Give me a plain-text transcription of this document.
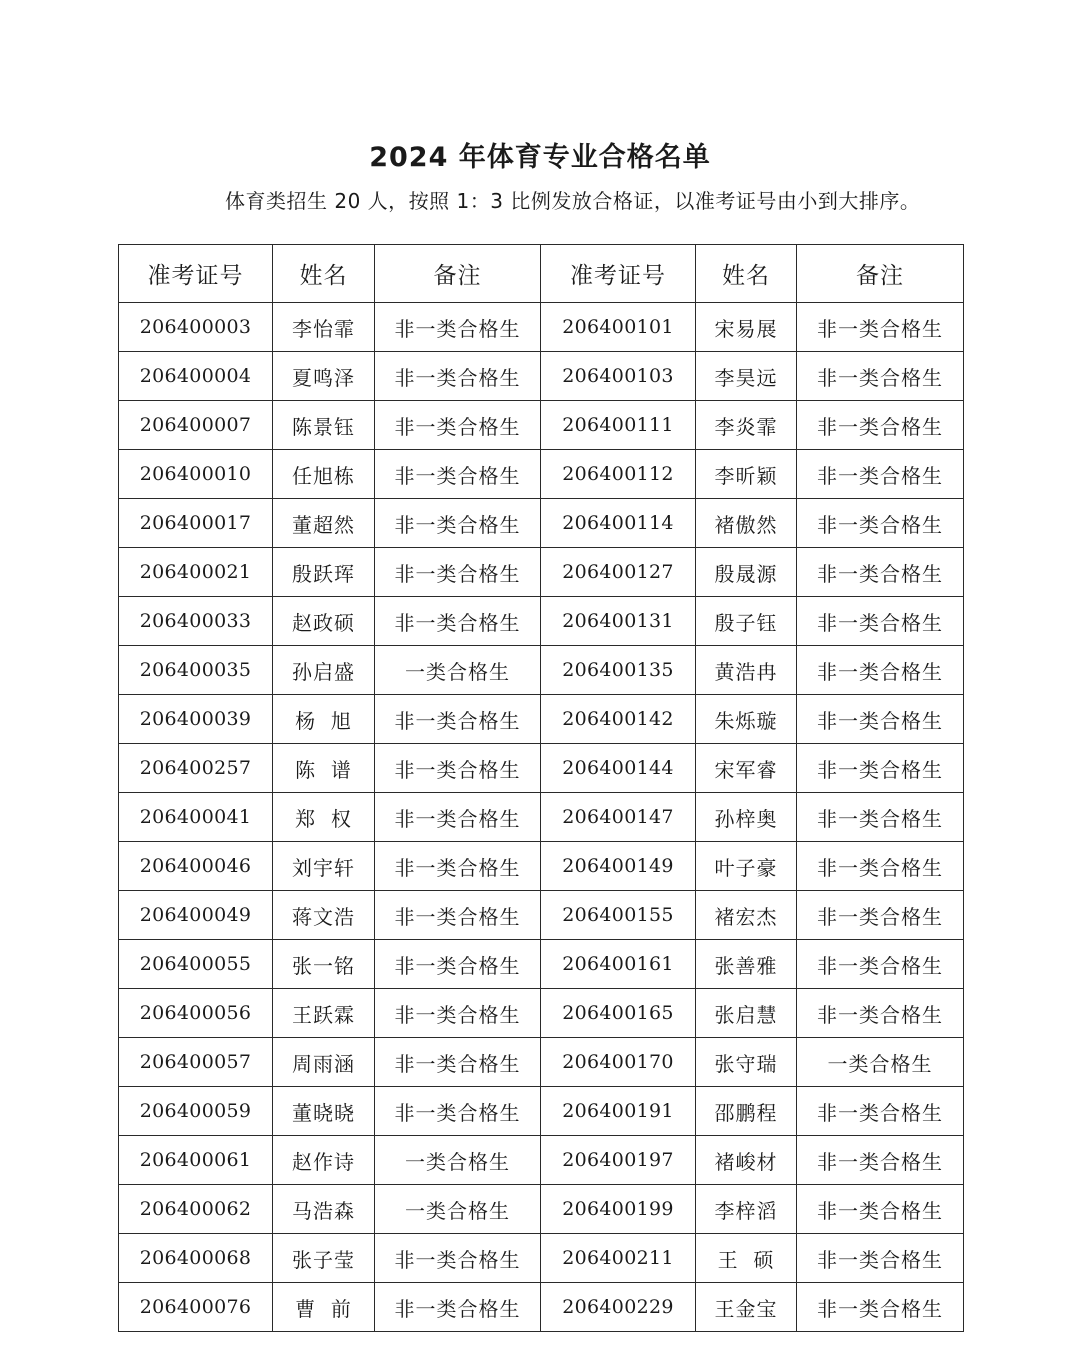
2024 年体育专业合格名单
体育类招生 20 人，按照 1：3 比例发放合格证，以准考证号由小到大排序。
准考证号	姓名	备注	准考证号	姓名	备注
206400003	李怡霏	非一类合格生	206400101	宋易展	非一类合格生
206400004	夏鸣泽	非一类合格生	206400103	李昊远	非一类合格生
206400007	陈景钰	非一类合格生	206400111	李炎霏	非一类合格生
206400010	任旭栋	非一类合格生	206400112	李昕颖	非一类合格生
206400017	董超然	非一类合格生	206400114	褚傲然	非一类合格生
206400021	殷跃珲	非一类合格生	206400127	殷晟源	非一类合格生
206400033	赵政硕	非一类合格生	206400131	殷子钰	非一类合格生
206400035	孙启盛	一类合格生	206400135	黄浩冉	非一类合格生
206400039	杨  旭	非一类合格生	206400142	朱烁璇	非一类合格生
206400257	陈  谱	非一类合格生	206400144	宋军睿	非一类合格生
206400041	郑  权	非一类合格生	206400147	孙梓奥	非一类合格生
206400046	刘宇轩	非一类合格生	206400149	叶子豪	非一类合格生
206400049	蒋文浩	非一类合格生	206400155	褚宏杰	非一类合格生
206400055	张一铭	非一类合格生	206400161	张善雅	非一类合格生
206400056	王跃霖	非一类合格生	206400165	张启慧	非一类合格生
206400057	周雨涵	非一类合格生	206400170	张守瑞	一类合格生
206400059	董晓晓	非一类合格生	206400191	邵鹏程	非一类合格生
206400061	赵作诗	一类合格生	206400197	褚峻材	非一类合格生
206400062	马浩森	一类合格生	206400199	李梓滔	非一类合格生
206400068	张子莹	非一类合格生	206400211	王  硕	非一类合格生
206400076	曹  前	非一类合格生	206400229	王金宝	非一类合格生
